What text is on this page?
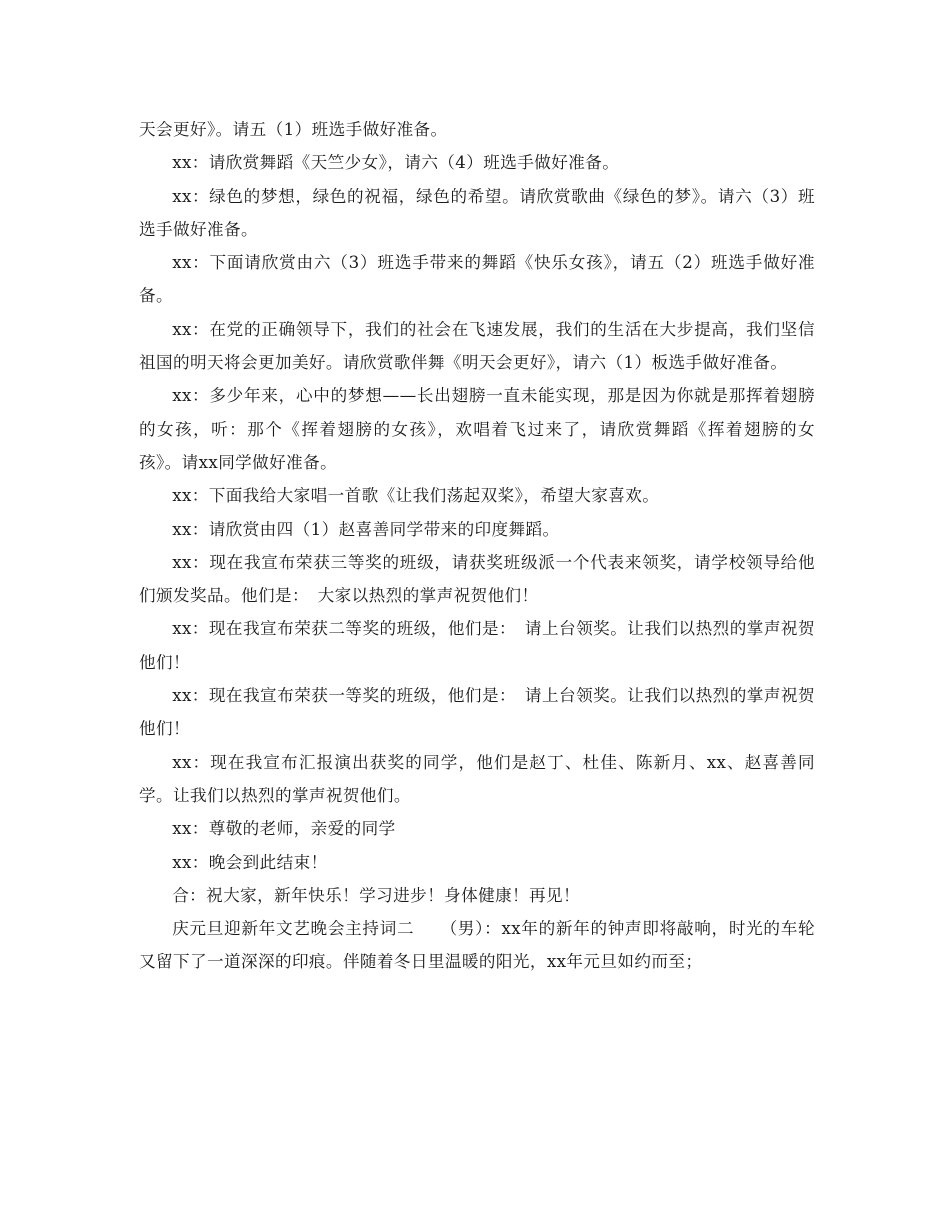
天会更好》。请五（1）班选手做好准备。

xx：请欣赏舞蹈《天竺少女》，请六（4）班选手做好准备。

xx：绿色的梦想，绿色的祝福，绿色的希望。请欣赏歌曲《绿色的梦》。请六（3）班选手做好准备。

xx：下面请欣赏由六（3）班选手带来的舞蹈《快乐女孩》，请五（2）班选手做好准备。

xx：在党的正确领导下，我们的社会在飞速发展，我们的生活在大步提高，我们坚信祖国的明天将会更加美好。请欣赏歌伴舞《明天会更好》，请六（1）板选手做好准备。

xx：多少年来，心中的梦想——长出翅膀一直未能实现，那是因为你就是那挥着翅膀的女孩，听：那个《挥着翅膀的女孩》，欢唱着飞过来了，请欣赏舞蹈《挥着翅膀的女孩》。请xx同学做好准备。

xx：下面我给大家唱一首歌《让我们荡起双桨》，希望大家喜欢。

xx：请欣赏由四（1）赵喜善同学带来的印度舞蹈。

xx：现在我宣布荣获三等奖的班级，请获奖班级派一个代表来领奖，请学校领导给他们颁发奖品。他们是：　大家以热烈的掌声祝贺他们！

xx：现在我宣布荣获二等奖的班级，他们是：　请上台领奖。让我们以热烈的掌声祝贺他们！

xx：现在我宣布荣获一等奖的班级，他们是：　请上台领奖。让我们以热烈的掌声祝贺他们！

xx：现在我宣布汇报演出获奖的同学，他们是赵丁、杜佳、陈新月、xx、赵喜善同学。让我们以热烈的掌声祝贺他们。

xx：尊敬的老师，亲爱的同学

xx：晚会到此结束！

合：祝大家，新年快乐！学习进步！身体健康！再见！

庆元旦迎新年文艺晚会主持词二　　（男）：xx年的新年的钟声即将敲响，时光的车轮又留下了一道深深的印痕。伴随着冬日里温暖的阳光，xx年元旦如约而至；
